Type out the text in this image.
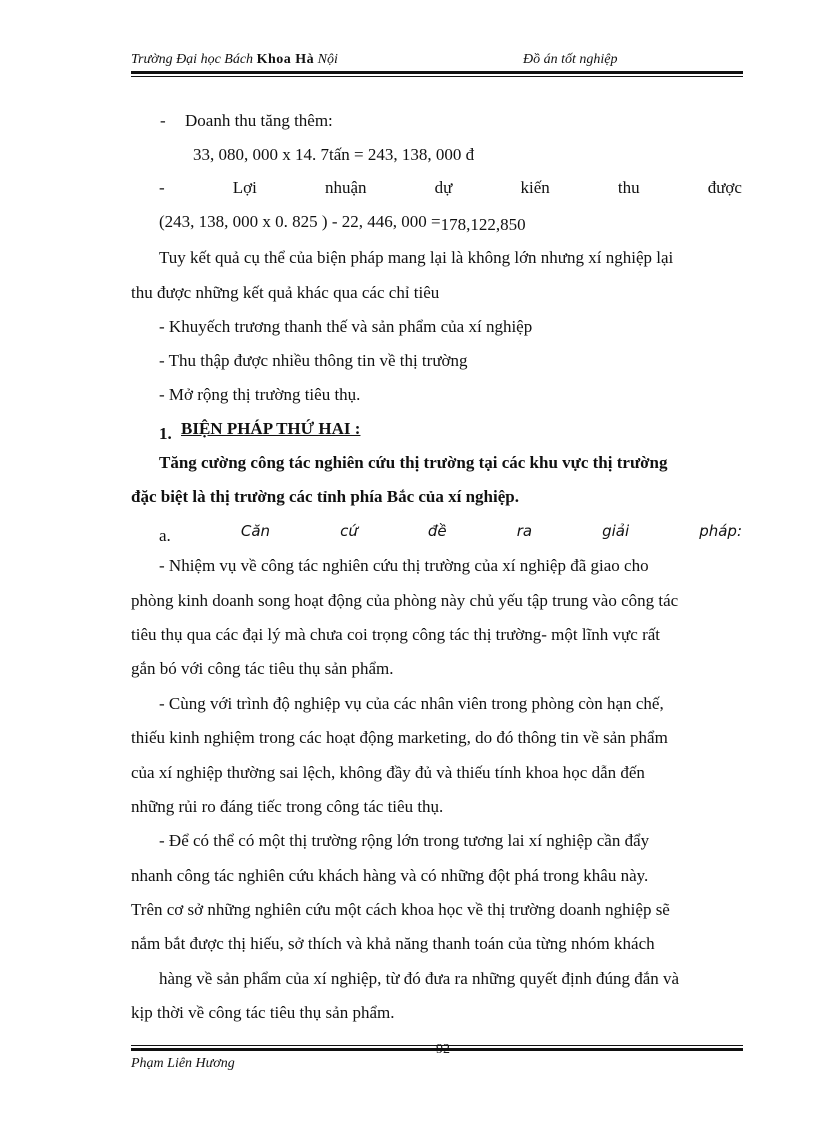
Trường Đại học Bách Khoa Hà Nội	Đồ án tốt nghiệp
- Doanh thu tăng thêm:
33, 080, 000 x 14. 7tấn = 243, 138, 000 đ
-	Lợi	nhuận	dự	kiến	thu	được
(243, 138, 000 x 0. 825 ) - 22, 446, 000 =178,122,850
Tuy kết quả cụ thể của biện pháp mang lại là không lớn nhưng xí nghiệp lại
thu được những kết quả khác qua các chỉ tiêu
- Khuyếch trương thanh thế và sản phẩm của xí nghiệp
- Thu thập được nhiều thông tin về thị trường
- Mở rộng thị trường tiêu thụ.
1. BIỆN PHÁP THỨ HAI :
Tăng cường công tác nghiên cứu thị trường tại các khu vực thị trường
đặc biệt là thị trường các tỉnh phía Bắc của xí nghiệp.
a.	Căn	cứ	đề	ra	giải	pháp:
- Nhiệm vụ về công tác nghiên cứu thị trường của xí nghiệp đã giao cho
phòng kinh doanh song hoạt động của phòng này chủ yếu tập trung vào công tác
tiêu thụ qua các đại lý mà chưa coi trọng công tác thị trường- một lĩnh vực rất
gắn bó với công tác tiêu thụ sản phẩm.
- Cùng với trình độ nghiệp vụ của các nhân viên trong phòng còn hạn chế,
thiếu kinh nghiệm trong các hoạt động marketing, do đó thông tin về sản phẩm
của xí nghiệp thường sai lệch, không đầy đủ và thiếu tính khoa học dẫn đến
những rủi ro đáng tiếc trong công tác tiêu thụ.
- Để có thể có một thị trường rộng lớn trong tương lai xí nghiệp cần đẩy
nhanh công tác nghiên cứu khách hàng và có những đột phá trong khâu này.
Trên cơ sở những nghiên cứu một cách khoa học về thị trường doanh nghiệp sẽ
nắm bắt được thị hiếu, sở thích và khả năng thanh toán của từng nhóm khách
hàng về sản phẩm của xí nghiệp, từ đó đưa ra những quyết định đúng đắn và
kịp thời về công tác tiêu thụ sản phẩm.
92
Phạm Liên Hương
